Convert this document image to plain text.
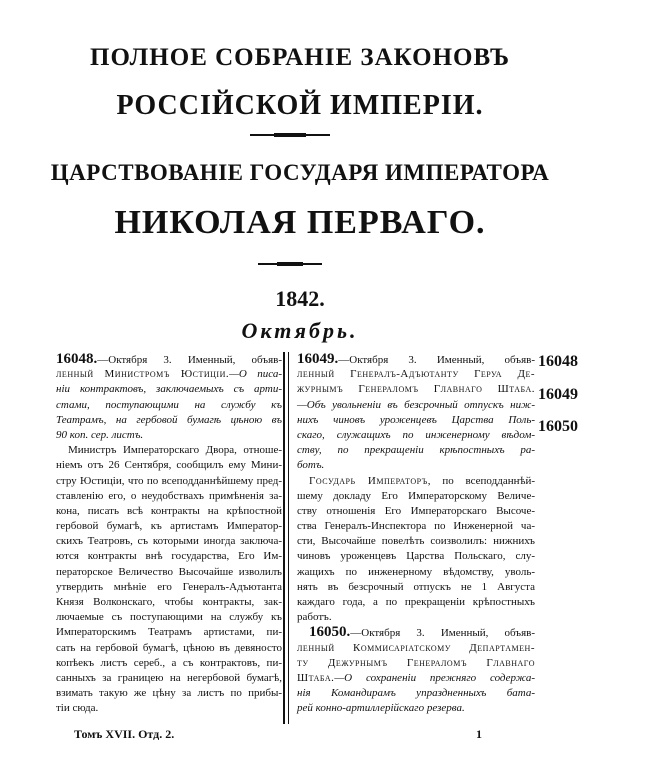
ПОЛНОЕ СОБРАНІЕ ЗАКОНОВЪ
РОССІЙСКОЙ ИМПЕРІИ.
ЦАРСТВОВАНІЕ ГОСУДАРЯ ИМПЕРАТОРА
НИКОЛАЯ ПЕРВАГО.
1842.
Октябрь.
16048.—Октября 3. Именный, объяв-
ленный Министромъ Юстиціи.—О писа-
ніи контрактовъ, заключаемыхъ съ арти-
стами, поступающими на службу къ
Театрамъ, на гербовой бумагѣ цѣною въ
90 коп. сер. листъ.
Министръ Императорскаго Двора, отноше-
ніемъ отъ 26 Сентября, сообщилъ ему Мини-
стру Юстиціи, что по всеподданнѣйшему пред-
ставленію его, о неудобствахъ примѣненія за-
кона, писать всѣ контракты на крѣпостной
гербовой бумагѣ, къ артистамъ Император-
скихъ Театровъ, съ которыми иногда заключа-
ются контракты внѣ государства, Его Им-
ператорское Величество Высочайше изволилъ
утвердить мнѣніе его Генералъ-Адъютанта
Князя Волконскаго, чтобы контракты, зак-
лючаемые съ поступающими на службу къ
Императорскимъ Театрамъ артистами, пи-
сать на гербовой бумагѣ, цѣною въ девяносто
копѣекъ листъ сереб., а съ контрактовъ, пи-
санныхъ за границею на негербовой бумагѣ,
взимать такую же цѣну за листъ по прибы-
тіи сюда.
16049.—Октября 3. Именный, объяв-
ленный Генералъ-Адъютанту Геруа Де-
журнымъ Генераломъ Главнаго Штаба.
—Объ увольненіи въ безсрочный отпускъ ниж-
нихъ чиновъ уроженцевъ Царства Поль-
скаго, служащихъ по инженерному вѣдом-
ству, по прекращеніи крѣпостныхъ ра-
ботъ.
Государь Императоръ, по всеподданнѣй-
шему докладу Его Императорскому Величе-
ству отношенія Его Императорскаго Высоче-
ства Генералъ-Инспектора по Инженерной ча-
сти, Высочайше повелѣть соизволилъ: нижнихъ
чиновъ уроженцевъ Царства Польскаго, слу-
жащихъ по инженерному вѣдомству, уволь-
нять въ безсрочный отпускъ не 1 Августа
каждаго года, а по прекращеніи крѣпостныхъ
работъ.
16050.—Октября 3. Именный, объяв-
ленный Коммисаріатскому Департамен-
ту Дежурнымъ Генераломъ Главнаго
Штаба.—О сохраненіи прежняго содержа-
нія Командирамъ упраздненныхъ бата-
рей конно-артиллерійскаго резерва.
16048
16049
16050
Томъ XVII. Отд. 2.	1
